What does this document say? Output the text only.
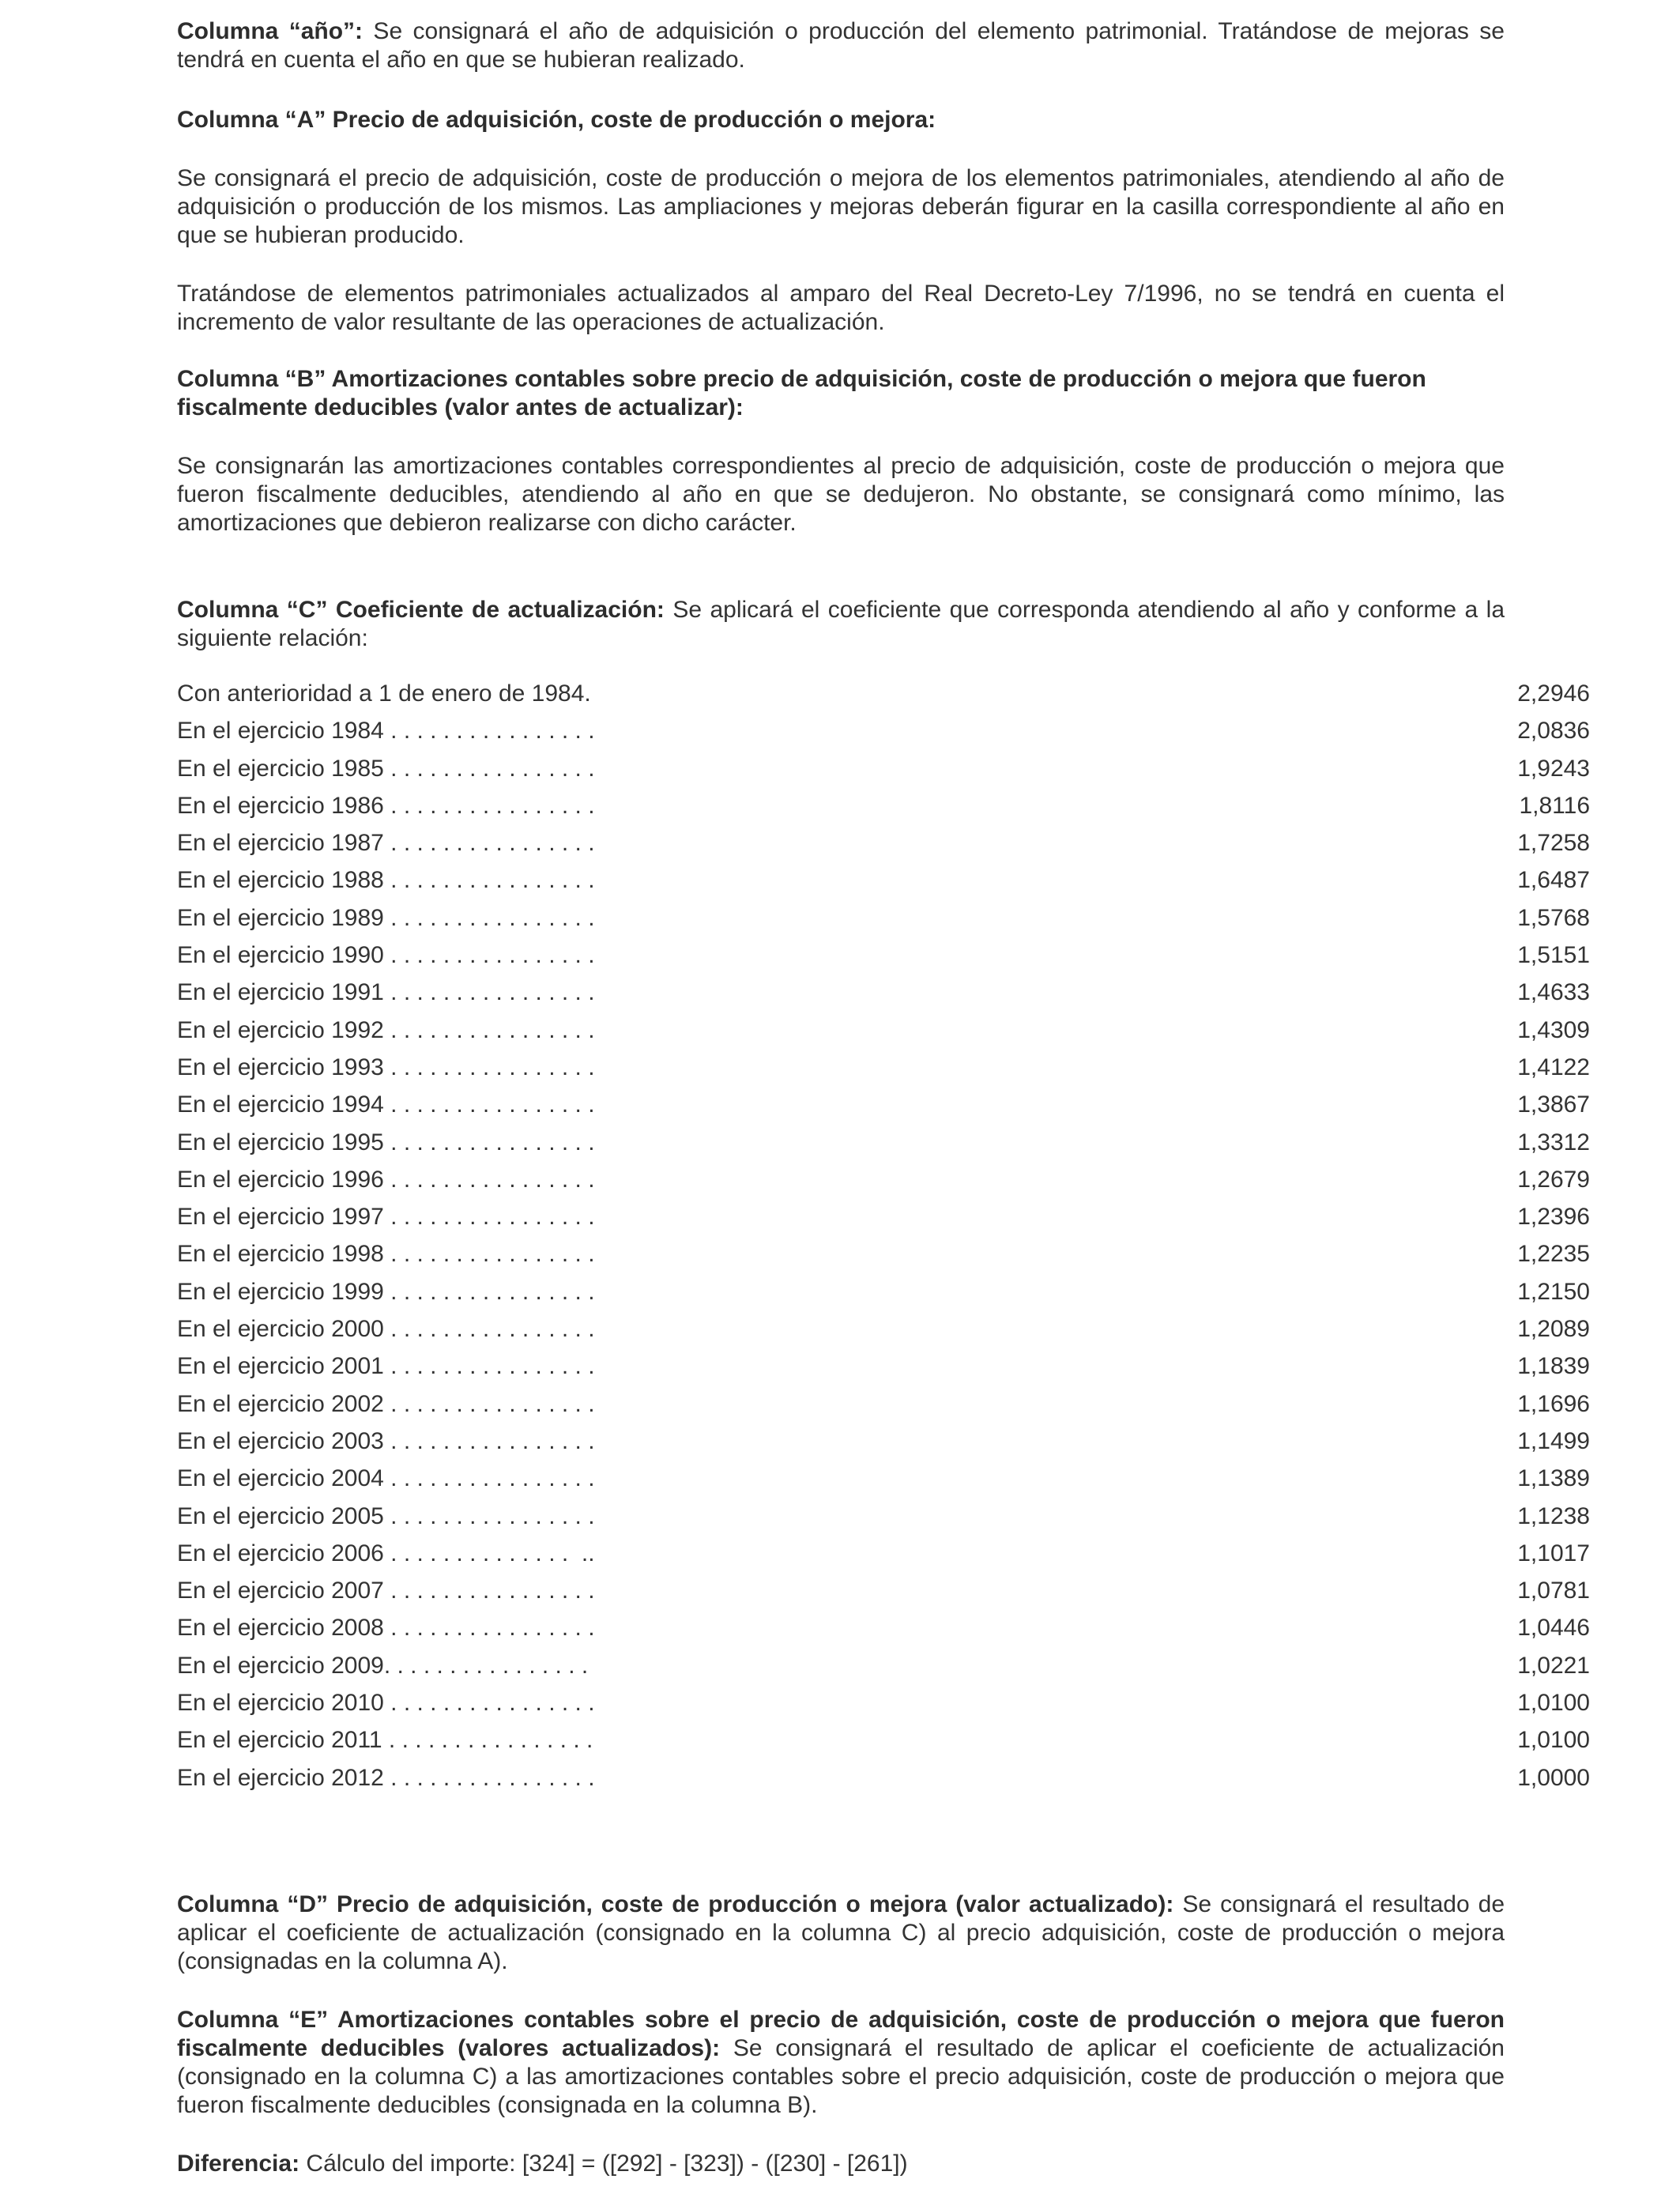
Columna “año”: Se consignará el año de adquisición o producción del elemento patrimonial. Tratándose de mejoras se tendrá en cuenta el año en que se hubieran realizado.

Columna “A” Precio de adquisición, coste de producción o mejora:

Se consignará el precio de adquisición, coste de producción o mejora de los elementos patrimoniales, atendiendo al año de adquisición o producción de los mismos. Las ampliaciones y mejoras deberán figurar en la casilla correspondiente al año en que se hubieran producido.

Tratándose de elementos patrimoniales actualizados al amparo del Real Decreto-Ley 7/1996, no se tendrá en cuenta el incremento de valor resultante de las operaciones de actualización.

Columna “B” Amortizaciones contables sobre precio de adquisición, coste de producción o mejora que fueron fiscalmente deducibles (valor antes de actualizar):

Se consignarán las amortizaciones contables correspondientes al precio de adquisición, coste de producción o mejora que fueron fiscalmente deducibles, atendiendo al año en que se dedujeron. No obstante, se consignará como mínimo, las amortizaciones que debieron realizarse con dicho carácter.

Columna “C” Coeficiente de actualización: Se aplicará el coeficiente que corresponda atendiendo al año y conforme a la siguiente relación:

Con anterioridad a 1 de enero de 1984.	2,2946
En el ejercicio 1984 . . . . . . . . . . . . . . . .	2,0836
En el ejercicio 1985 . . . . . . . . . . . . . . . .	1,9243
En el ejercicio 1986 . . . . . . . . . . . . . . . .	1,8116
En el ejercicio 1987 . . . . . . . . . . . . . . . .	1,7258
En el ejercicio 1988 . . . . . . . . . . . . . . . .	1,6487
En el ejercicio 1989 . . . . . . . . . . . . . . . .	1,5768
En el ejercicio 1990 . . . . . . . . . . . . . . . .	1,5151
En el ejercicio 1991 . . . . . . . . . . . . . . . .	1,4633
En el ejercicio 1992 . . . . . . . . . . . . . . . .	1,4309
En el ejercicio 1993 . . . . . . . . . . . . . . . .	1,4122
En el ejercicio 1994 . . . . . . . . . . . . . . . .	1,3867
En el ejercicio 1995 . . . . . . . . . . . . . . . .	1,3312
En el ejercicio 1996 . . . . . . . . . . . . . . . .	1,2679
En el ejercicio 1997 . . . . . . . . . . . . . . . .	1,2396
En el ejercicio 1998 . . . . . . . . . . . . . . . .	1,2235
En el ejercicio 1999 . . . . . . . . . . . . . . . .	1,2150
En el ejercicio 2000 . . . . . . . . . . . . . . . .	1,2089
En el ejercicio 2001 . . . . . . . . . . . . . . . .	1,1839
En el ejercicio 2002 . . . . . . . . . . . . . . . .	1,1696
En el ejercicio 2003 . . . . . . . . . . . . . . . .	1,1499
En el ejercicio 2004 . . . . . . . . . . . . . . . .	1,1389
En el ejercicio 2005 . . . . . . . . . . . . . . . .	1,1238
En el ejercicio 2006 . . . . . . . . . . . . . .  ..	1,1017
En el ejercicio 2007 . . . . . . . . . . . . . . . .	1,0781
En el ejercicio 2008 . . . . . . . . . . . . . . . .	1,0446
En el ejercicio 2009. . . . . . . . . . . . . . . .	1,0221
En el ejercicio 2010 . . . . . . . . . . . . . . . .	1,0100
En el ejercicio 2011 . . . . . . . . . . . . . . . .	1,0100
En el ejercicio 2012 . . . . . . . . . . . . . . . .	1,0000

Columna “D” Precio de adquisición, coste de producción o mejora (valor actualizado): Se consignará el resultado de aplicar el coeficiente de actualización (consignado en la columna C) al precio adquisición, coste de producción o mejora (consignadas en la columna A).

Columna “E” Amortizaciones contables sobre el precio de adquisición, coste de producción o mejora que fueron fiscalmente deducibles (valores actualizados): Se consignará el resultado de aplicar el coeficiente de actualización (consignado en la columna C) a las amortizaciones contables sobre el precio adquisición, coste de producción o mejora que fueron fiscalmente deducibles (consignada en la columna B).

Diferencia: Cálculo del importe: [324] = ([292] - [323]) - ([230] - [261])
